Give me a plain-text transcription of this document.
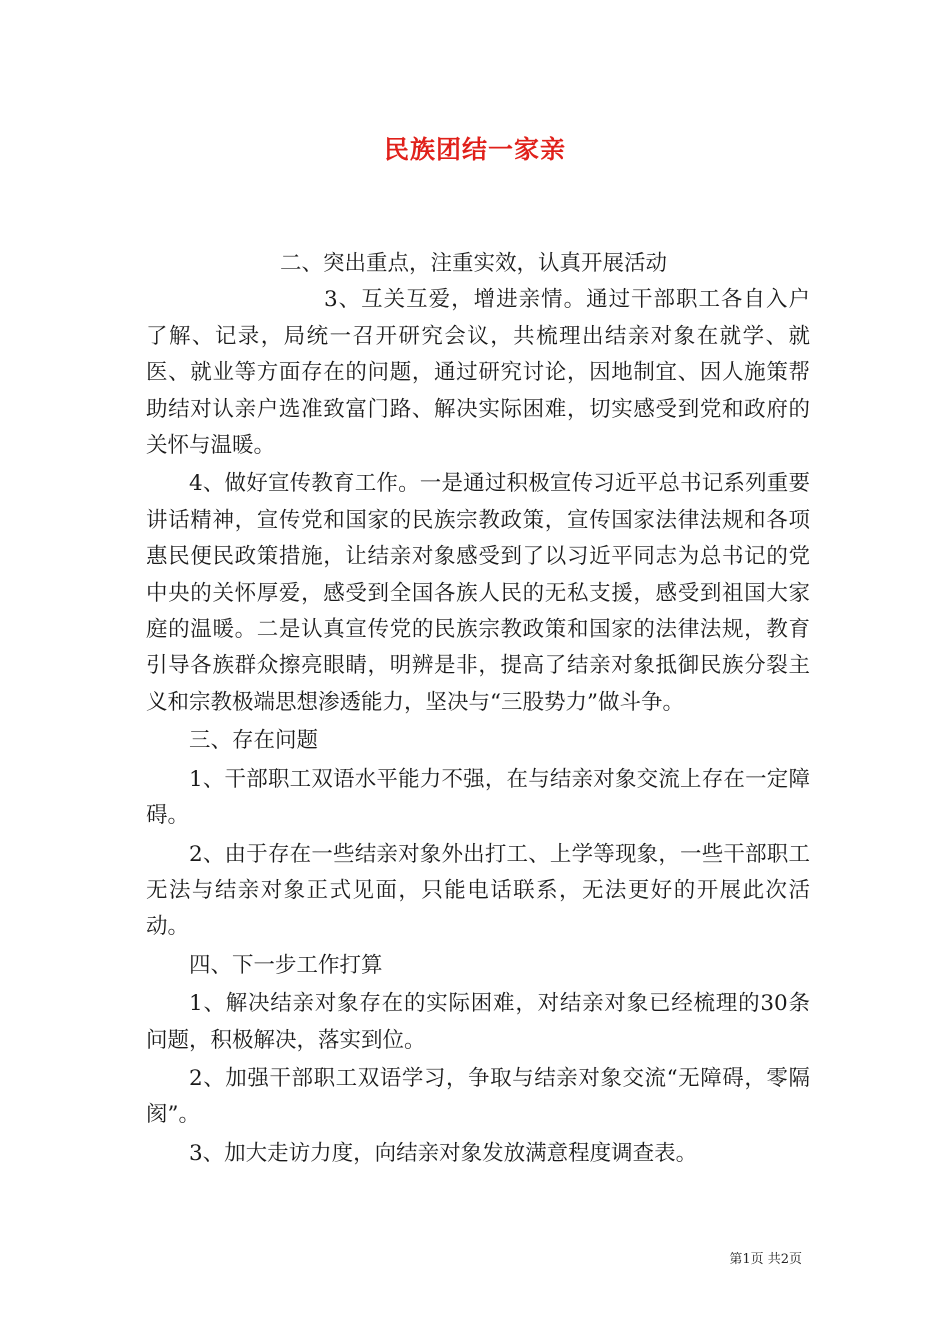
民族团结一家亲

二、突出重点，注重实效，认真开展活动

3、互关互爱，增进亲情。通过干部职工各自入户了解、记录，局统一召开研究会议，共梳理出结亲对象在就学、就医、就业等方面存在的问题，通过研究讨论，因地制宜、因人施策帮助结对认亲户选准致富门路、解决实际困难，切实感受到党和政府的关怀与温暖。

4、做好宣传教育工作。一是通过积极宣传习近平总书记系列重要讲话精神，宣传党和国家的民族宗教政策，宣传国家法律法规和各项惠民便民政策措施，让结亲对象感受到了以习近平同志为总书记的党中央的关怀厚爱，感受到全国各族人民的无私支援，感受到祖国大家庭的温暖。二是认真宣传党的民族宗教政策和国家的法律法规，教育引导各族群众擦亮眼睛，明辨是非，提高了结亲对象抵御民族分裂主义和宗教极端思想渗透能力，坚决与“三股势力”做斗争。

三、存在问题

1、干部职工双语水平能力不强，在与结亲对象交流上存在一定障碍。

2、由于存在一些结亲对象外出打工、上学等现象，一些干部职工无法与结亲对象正式见面，只能电话联系，无法更好的开展此次活动。

四、下一步工作打算

1、解决结亲对象存在的实际困难，对结亲对象已经梳理的30条问题，积极解决，落实到位。

2、加强干部职工双语学习，争取与结亲对象交流“无障碍，零隔阂”。

3、加大走访力度，向结亲对象发放满意程度调查表。

第1页 共2页
